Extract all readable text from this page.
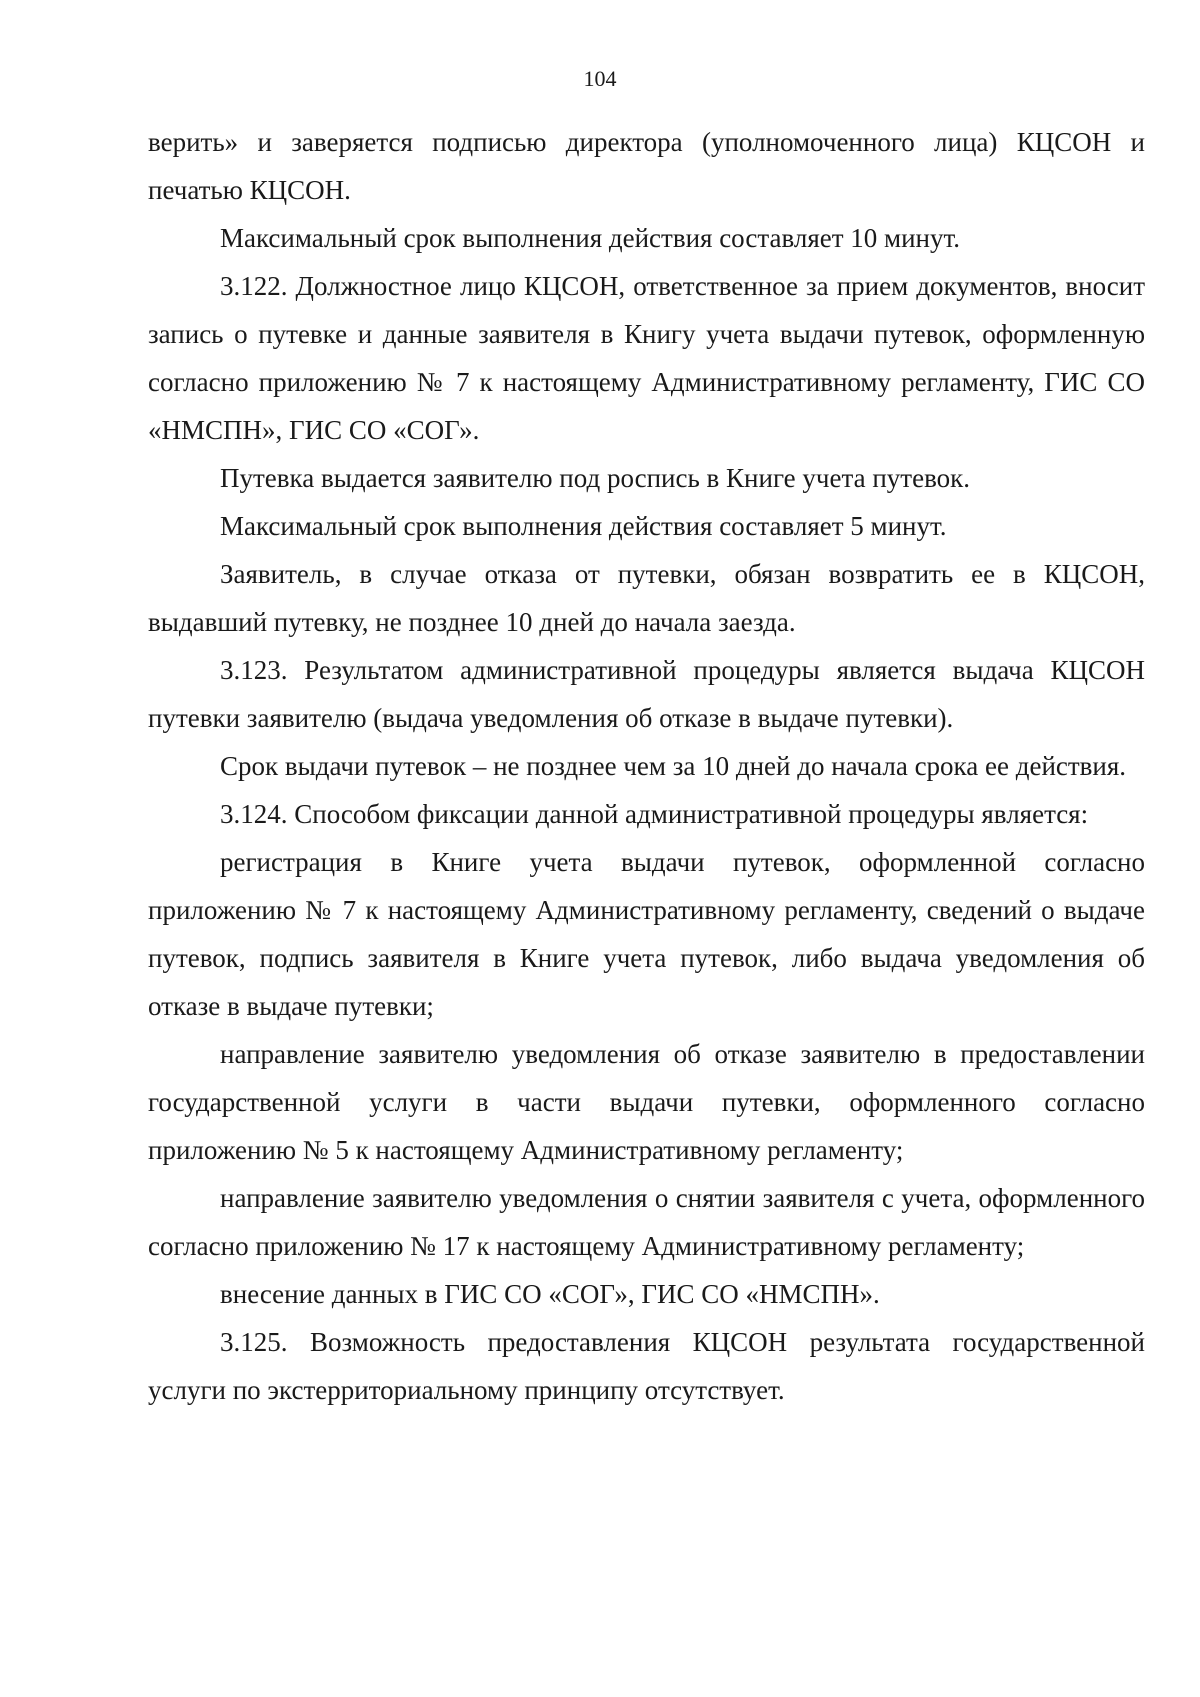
104

верить» и заверяется подписью директора (уполномоченного лица) КЦСОН и печатью КЦСОН.

Максимальный срок выполнения действия составляет 10 минут.

3.122. Должностное лицо КЦСОН, ответственное за прием документов, вносит запись о путевке и данные заявителя в Книгу учета выдачи путевок, оформленную согласно приложению № 7 к настоящему Административному регламенту, ГИС СО «НМСПН», ГИС СО «СОГ».

Путевка выдается заявителю под роспись в Книге учета путевок.

Максимальный срок выполнения действия составляет 5 минут.

Заявитель, в случае отказа от путевки, обязан возвратить ее в КЦСОН, выдавший путевку, не позднее 10 дней до начала заезда.

3.123. Результатом административной процедуры является выдача КЦСОН путевки заявителю (выдача уведомления об отказе в выдаче путевки).

Срок выдачи путевок – не позднее чем за 10 дней до начала срока ее действия.

3.124. Способом фиксации данной административной процедуры является:

регистрация в Книге учета выдачи путевок, оформленной согласно приложению № 7 к настоящему Административному регламенту, сведений о выдаче путевок, подпись заявителя в Книге учета путевок, либо выдача уведомления об отказе в выдаче путевки;

направление заявителю уведомления об отказе заявителю в предоставлении государственной услуги в части выдачи путевки, оформленного согласно приложению № 5 к настоящему Административному регламенту;

направление заявителю уведомления о снятии заявителя с учета, оформленного согласно приложению № 17 к настоящему Административному регламенту;

внесение данных в ГИС СО «СОГ», ГИС СО «НМСПН».

3.125. Возможность предоставления КЦСОН результата государственной услуги по экстерриториальному принципу отсутствует.
